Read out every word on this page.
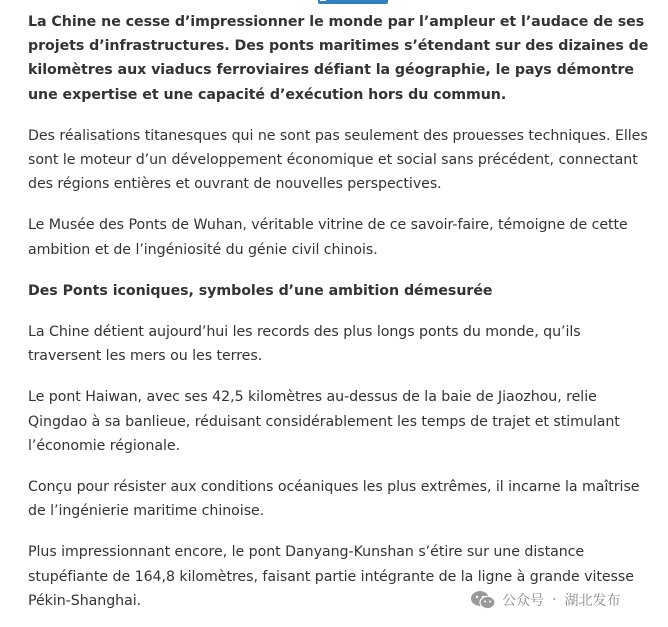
La Chine ne cesse d’impressionner le monde par l’ampleur et l’audace de ses projets d’infrastructures. Des ponts maritimes s’étendant sur des dizaines de kilomètres aux viaducs ferroviaires défiant la géographie, le pays démontre une expertise et une capacité d’exécution hors du commun.

Des réalisations titanesques qui ne sont pas seulement des prouesses techniques. Elles sont le moteur d’un développement économique et social sans précédent, connectant des régions entières et ouvrant de nouvelles perspectives.

Le Musée des Ponts de Wuhan, véritable vitrine de ce savoir-faire, témoigne de cette ambition et de l’ingéniosité du génie civil chinois.

Des Ponts iconiques, symboles d’une ambition démesurée

La Chine détient aujourd’hui les records des plus longs ponts du monde, qu’ils traversent les mers ou les terres.

Le pont Haiwan, avec ses 42,5 kilomètres au-dessus de la baie de Jiaozhou, relie Qingdao à sa banlieue, réduisant considérablement les temps de trajet et stimulant l’économie régionale.

Conçu pour résister aux conditions océaniques les plus extrêmes, il incarne la maîtrise de l’ingénierie maritime chinoise.

Plus impressionnant encore, le pont Danyang-Kunshan s’étire sur une distance stupéfiante de 164,8 kilomètres, faisant partie intégrante de la ligne à grande vitesse Pékin-Shanghai.	公众号 · 湖北发布
